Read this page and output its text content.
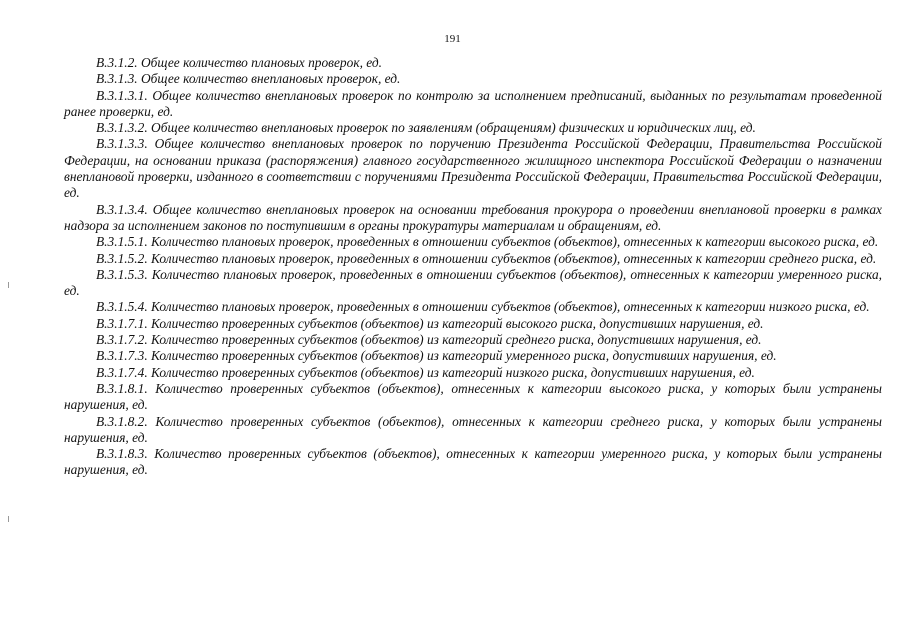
191

В.3.1.2. Общее количество плановых проверок, ед.

В.3.1.3. Общее количество внеплановых проверок, ед.

В.3.1.3.1. Общее количество внеплановых проверок по контролю за исполнением предписаний, выданных по результатам проведенной ранее проверки, ед.

В.3.1.3.2. Общее количество внеплановых проверок по заявлениям (обращениям) физических и юридических лиц, ед.

В.3.1.3.3. Общее количество внеплановых проверок по поручению Президента Российской Федерации, Правительства Российской Федерации, на основании приказа (распоряжения) главного государственного жилищного инспектора Российской Федерации о назначении внеплановой проверки, изданного в соответствии с поручениями Президента Российской Федерации, Правительства Российской Федерации, ед.

В.3.1.3.4. Общее количество внеплановых проверок на основании требования прокурора о проведении внеплановой проверки в рамках надзора за исполнением законов по поступившим в органы прокуратуры материалам и обращениям, ед.

В.3.1.5.1. Количество плановых проверок, проведенных в отношении субъектов (объектов), отнесенных к категории высокого риска, ед.

В.3.1.5.2. Количество плановых проверок, проведенных в отношении субъектов (объектов), отнесенных к категории среднего риска, ед.

В.3.1.5.3. Количество плановых проверок, проведенных в отношении субъектов (объектов), отнесенных к категории умеренного риска, ед.

В.3.1.5.4. Количество плановых проверок, проведенных в отношении субъектов (объектов), отнесенных к категории низкого риска, ед.

В.3.1.7.1. Количество проверенных субъектов (объектов) из категорий высокого риска, допустивших нарушения, ед.

В.3.1.7.2. Количество проверенных субъектов (объектов) из категорий среднего риска, допустивших нарушения, ед.

В.3.1.7.3. Количество проверенных субъектов (объектов) из категорий умеренного риска, допустивших нарушения, ед.

В.3.1.7.4. Количество проверенных субъектов (объектов) из категорий низкого риска, допустивших нарушения, ед.

В.3.1.8.1. Количество проверенных субъектов (объектов), отнесенных к категории высокого риска, у которых были устранены нарушения, ед.

В.3.1.8.2. Количество проверенных субъектов (объектов), отнесенных к категории среднего риска, у которых были устранены нарушения, ед.

В.3.1.8.3. Количество проверенных субъектов (объектов), отнесенных к категории умеренного риска, у которых были устранены нарушения, ед.
